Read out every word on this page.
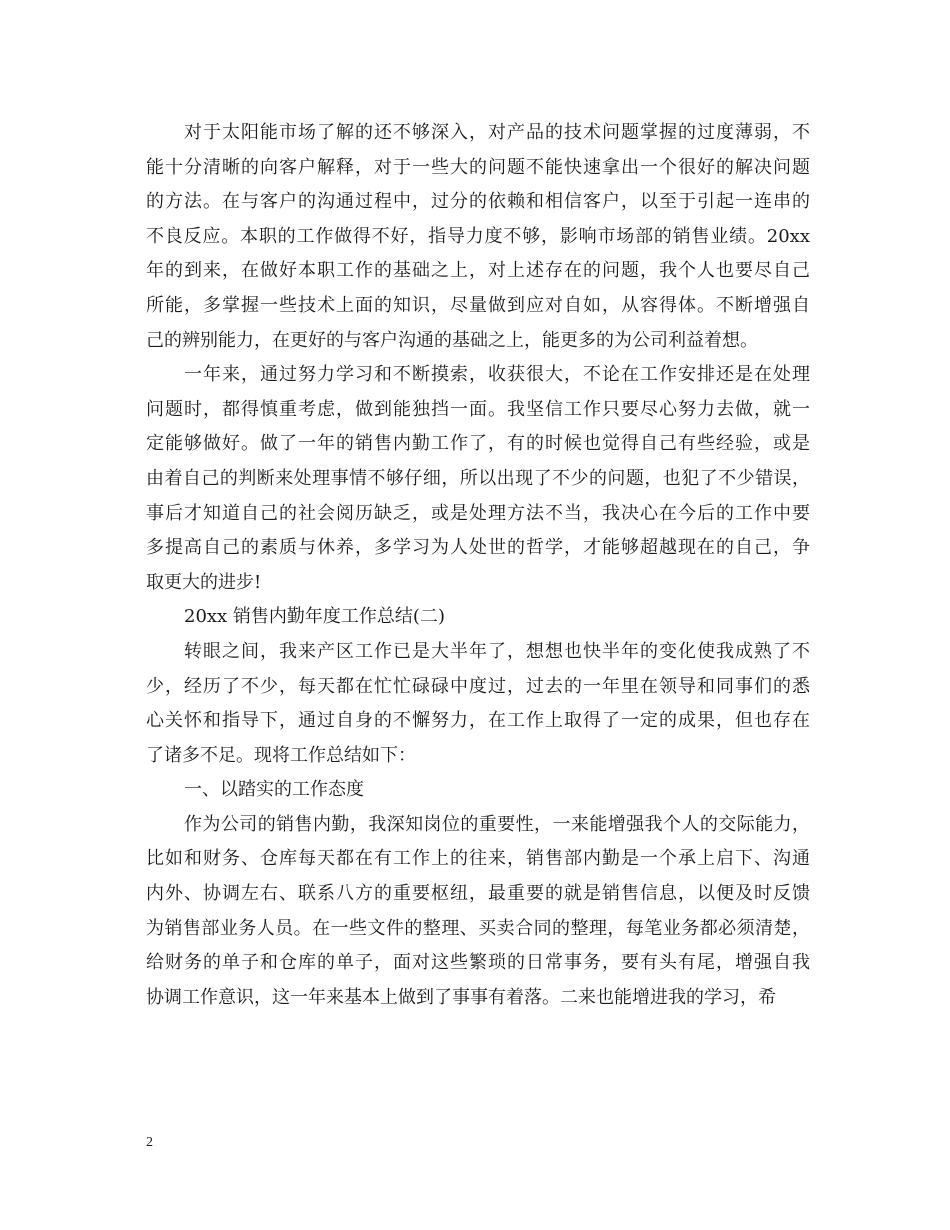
对于太阳能市场了解的还不够深入，对产品的技术问题掌握的过度薄弱，不
能十分清晰的向客户解释，对于一些大的问题不能快速拿出一个很好的解决问题
的方法。在与客户的沟通过程中，过分的依赖和相信客户，以至于引起一连串的
不良反应。本职的工作做得不好，指导力度不够，影响市场部的销售业绩。20xx
年的到来，在做好本职工作的基础之上，对上述存在的问题，我个人也要尽自己
所能，多掌握一些技术上面的知识，尽量做到应对自如，从容得体。不断增强自
己的辨别能力，在更好的与客户沟通的基础之上，能更多的为公司利益着想。
一年来，通过努力学习和不断摸索，收获很大，不论在工作安排还是在处理
问题时，都得慎重考虑，做到能独挡一面。我坚信工作只要尽心努力去做，就一
定能够做好。做了一年的销售内勤工作了，有的时候也觉得自己有些经验，或是
由着自己的判断来处理事情不够仔细，所以出现了不少的问题，也犯了不少错误，
事后才知道自己的社会阅历缺乏，或是处理方法不当，我决心在今后的工作中要
多提高自己的素质与休养，多学习为人处世的哲学，才能够超越现在的自己，争
取更大的进步!
20xx 销售内勤年度工作总结(二)
转眼之间，我来产区工作已是大半年了，想想也快半年的变化使我成熟了不
少，经历了不少，每天都在忙忙碌碌中度过，过去的一年里在领导和同事们的悉
心关怀和指导下，通过自身的不懈努力，在工作上取得了一定的成果，但也存在
了诸多不足。现将工作总结如下：
一、以踏实的工作态度
作为公司的销售内勤，我深知岗位的重要性，一来能增强我个人的交际能力，
比如和财务、仓库每天都在有工作上的往来，销售部内勤是一个承上启下、沟通
内外、协调左右、联系八方的重要枢纽，最重要的就是销售信息，以便及时反馈
为销售部业务人员。在一些文件的整理、买卖合同的整理，每笔业务都必须清楚，
给财务的单子和仓库的单子，面对这些繁琐的日常事务，要有头有尾，增强自我
协调工作意识，这一年来基本上做到了事事有着落。二来也能增进我的学习，希
2
